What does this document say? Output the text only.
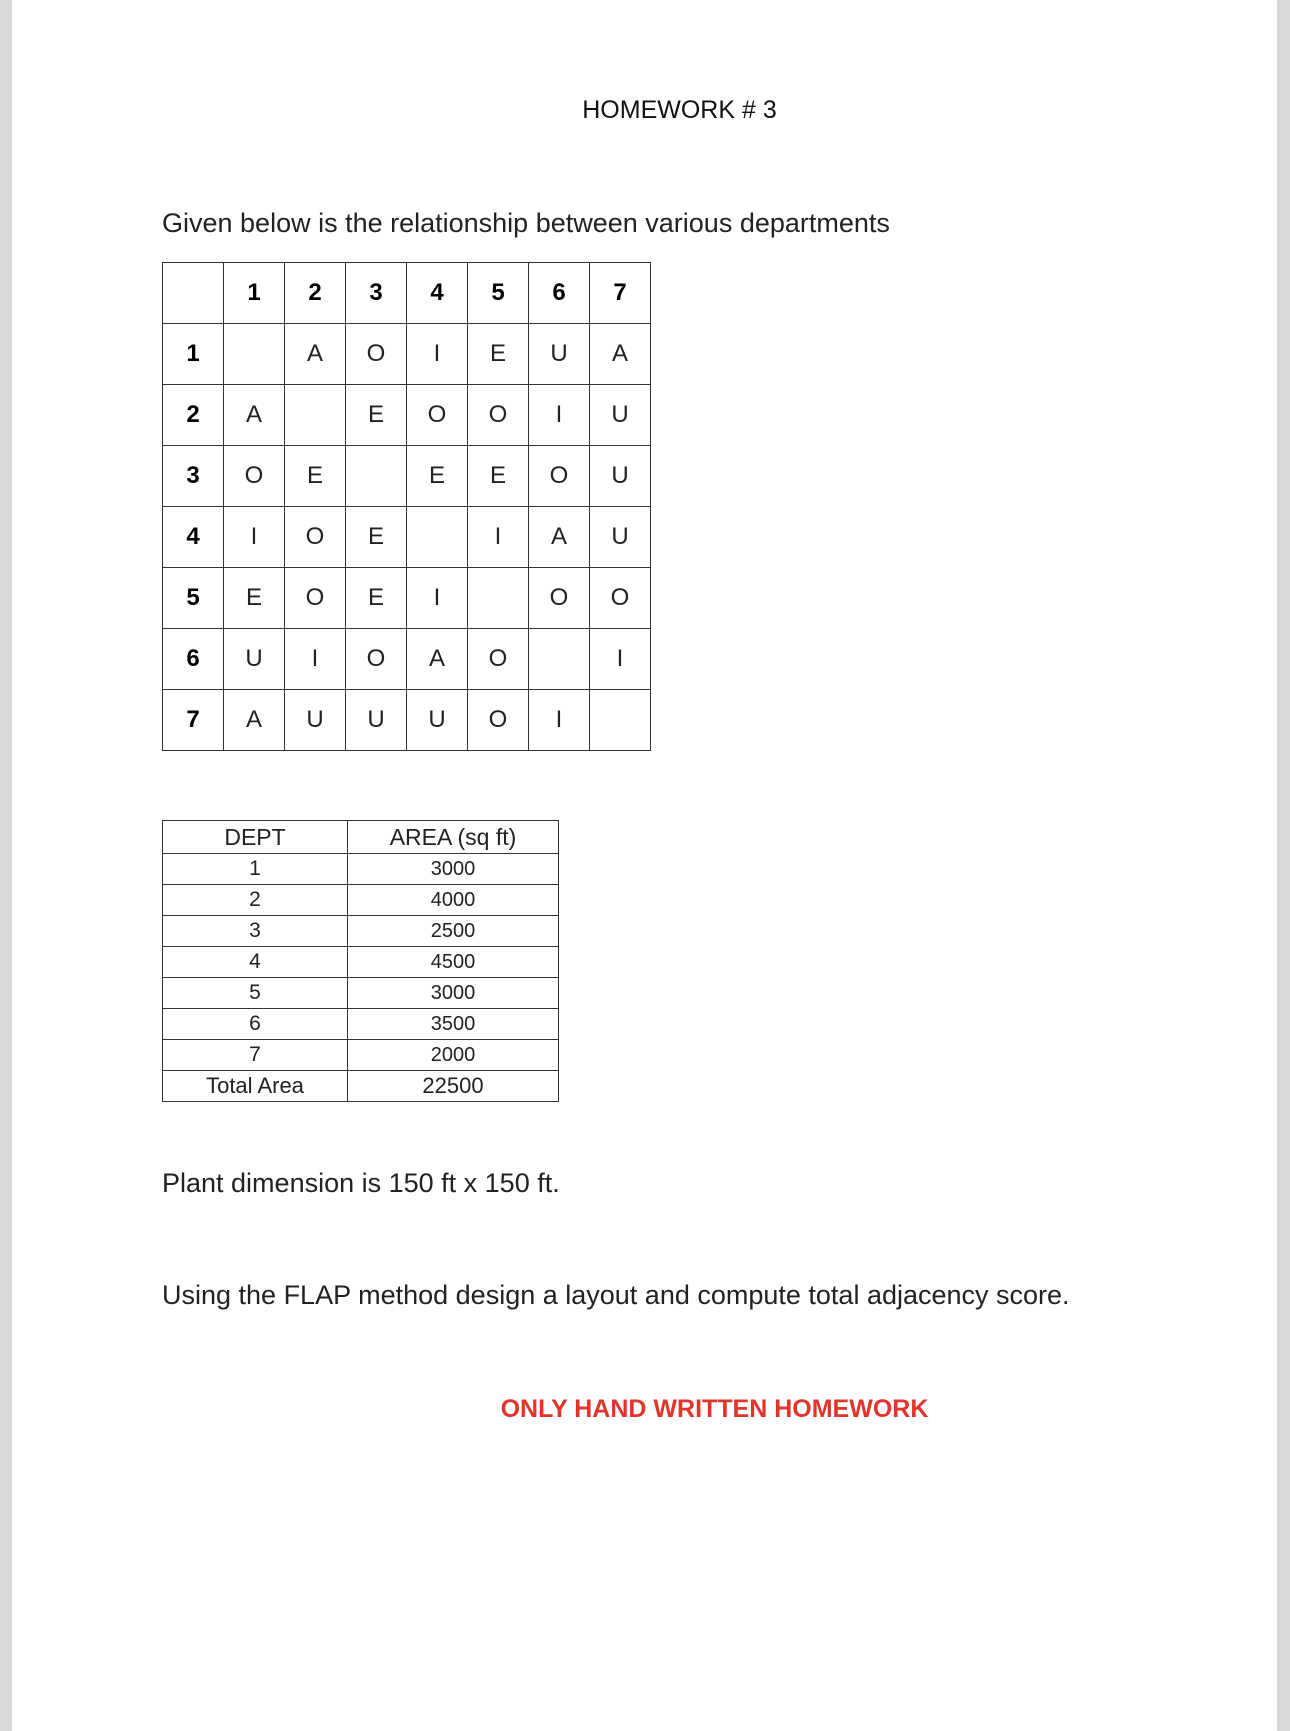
HOMEWORK # 3
Given below is the relationship between various departments
	1	2	3	4	5	6	7
1		A	O	I	E	U	A
2	A		E	O	O	I	U
3	O	E		E	E	O	U
4	I	O	E		I	A	U
5	E	O	E	I		O	O
6	U	I	O	A	O		I
7	A	U	U	U	O	I	
DEPT	AREA (sq ft)
1	3000
2	4000
3	2500
4	4500
5	3000
6	3500
7	2000
Total Area	22500
Plant dimension is 150 ft x 150 ft.
Using the FLAP method design a layout and compute total adjacency score.
ONLY HAND WRITTEN HOMEWORK
